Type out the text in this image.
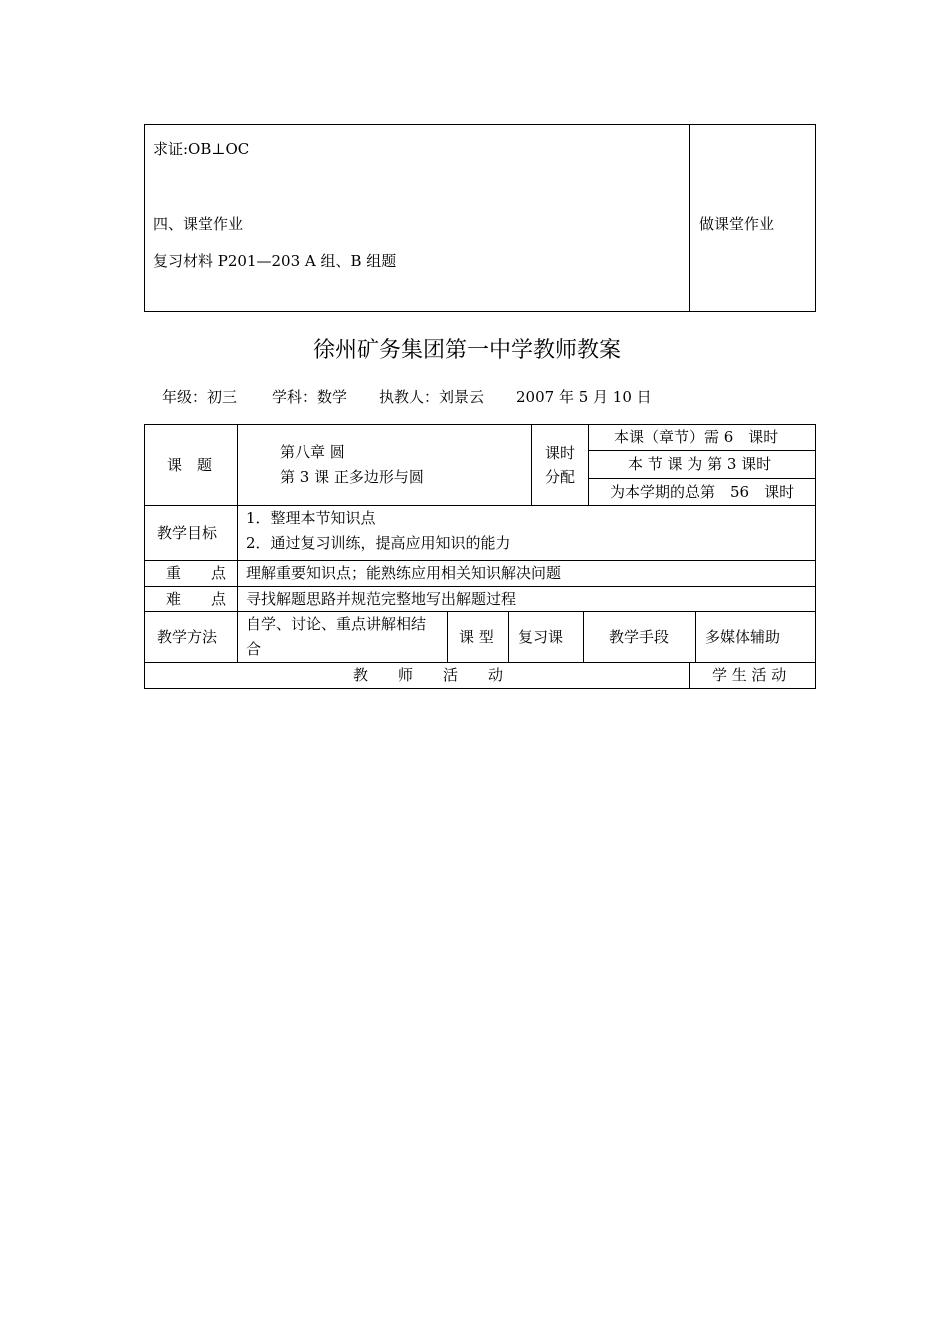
求证:OB⊥OC
四、课堂作业
复习材料 P201—203 A 组、B 组题
做课堂作业
徐州矿务集团第一中学教师教案
年级：初三 学科：数学 执教人：刘景云 2007 年 5 月 10 日
课　题
第八章 圆
第 3 课 正多边形与圆
课时
分配
本课（章节）需 6　课时
本 节 课 为 第 3 课时
为本学期的总第　56　课时
教学目标
1．整理本节知识点
2．通过复习训练，提高应用知识的能力
重　　点 理解重要知识点；能熟练应用相关知识解决问题
难　　点 寻找解题思路并规范完整地写出解题过程
教学方法
自学、讨论、重点讲解相结
合
课 型 复习课	教学手段 多媒体辅助
教　　师　　活　　动	学 生 活 动
